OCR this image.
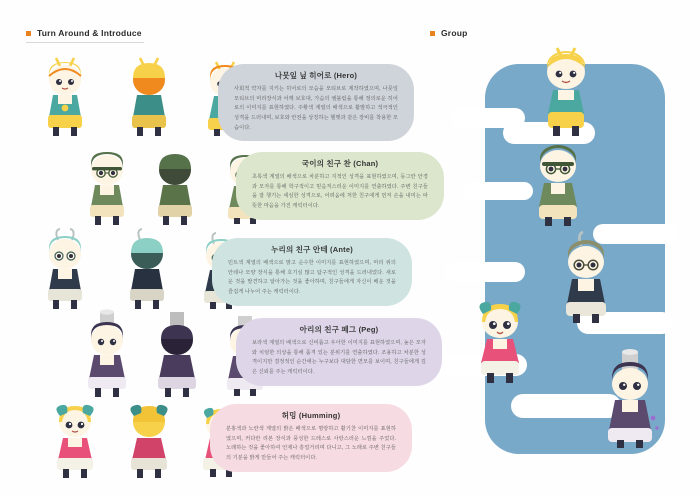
Turn Around & Introduce	Group
나뭇잎 닢 히어로 (Hero)
사회적 약자를 지키는 히어로의 모습을 모티브로 제작하였으며, 나뭇잎 모티브의 머리장식과 어깨 보호대, 가슴의 엠블럼을 통해 정의로운 히어로의 이미지를 표현하였다. 주황색 계열의 배색으로 활발하고 적극적인 성격을 드러내며, 보호와 안전을 상징하는 헬멧과 같은 장비를 착용한 모습이다.
국이의 친구 찬 (Chan)
초록색 계열의 배색으로 차분하고 지적인 성격을 표현하였으며, 동그란 안경과 모자를 통해 학구적이고 믿음직스러운 이미지를 연출하였다. 주변 친구들을 잘 챙기는 세심한 성격으로, 어려움에 처한 친구에게 먼저 손을 내미는 따뜻한 마음을 가진 캐릭터이다.
누리의 친구 안테 (Ante)
민트색 계열의 배색으로 맑고 순수한 이미지를 표현하였으며, 머리 위의 안테나 모양 장식을 통해 호기심 많고 탐구적인 성격을 드러내었다. 새로운 것을 발견하고 알아가는 것을 좋아하며, 친구들에게 자신이 배운 것을 즐겁게 나누어 주는 캐릭터이다.
아리의 친구 페그 (Peg)
보라색 계열의 배색으로 신비롭고 우아한 이미지를 표현하였으며, 높은 모자와 치렁한 의상을 통해 품격 있는 분위기를 연출하였다. 조용하고 차분한 성격이지만 결정적인 순간에는 누구보다 대담한 면모를 보이며, 친구들에게 깊은 신뢰를 주는 캐릭터이다.
허밍 (Humming)
분홍색과 노란색 계열의 밝은 배색으로 명랑하고 활기찬 이미지를 표현하였으며, 커다란 리본 장식과 풍성한 드레스로 사랑스러운 느낌을 주었다. 노래하는 것을 좋아하여 언제나 흥얼거리며 다니고, 그 노래로 주변 친구들의 기분을 밝게 만들어 주는 캐릭터이다.
